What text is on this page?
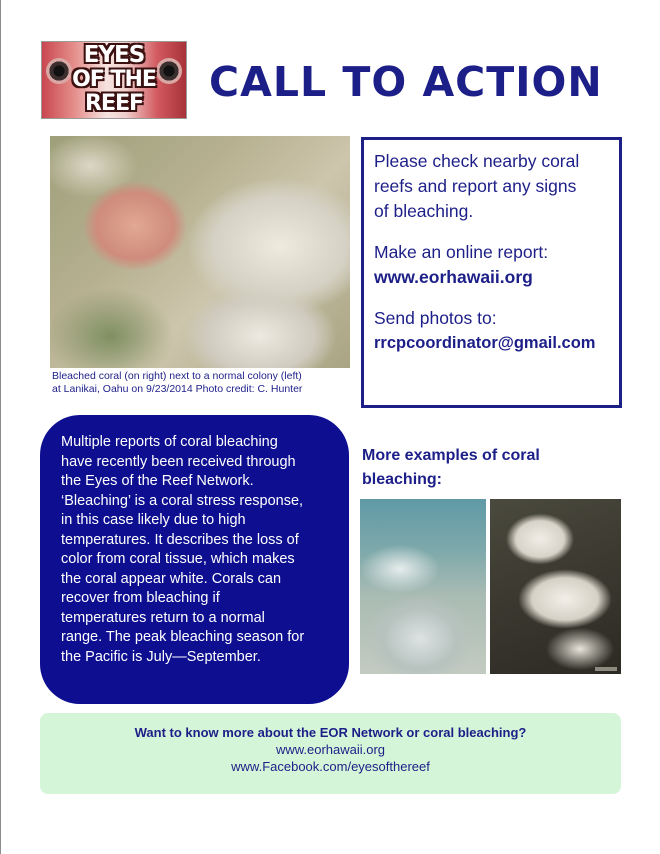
EYES
OF THE
REEF	CALL TO ACTION
Bleached coral (on right) next to a normal colony (left)
at Lanikai, Oahu on 9/23/2014 Photo credit: C. Hunter

Please check nearby coral

reefs and report any signs

of bleaching.

Make an online report:

www.eorhawaii.org

Send photos to:

rrcpcoordinator@gmail.com

Multiple reports of coral bleaching

have recently been received through

the Eyes of the Reef Network.

‘Bleaching’ is a coral stress response,

in this case likely due to high

temperatures. It describes the loss of

color from coral tissue, which makes

the coral appear white. Corals can

recover from bleaching if

temperatures return to a normal

range. The peak bleaching season for

the Pacific is July—September.

More examples of coral
bleaching:
Want to know more about the EOR Network or coral bleaching?
www.eorhawaii.org
www.Facebook.com/eyesofthereef
